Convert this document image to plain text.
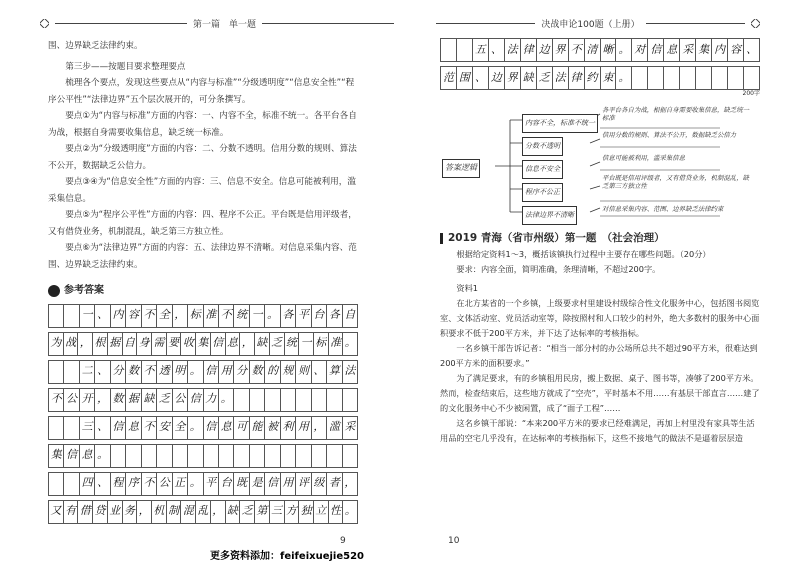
第一篇　单一题	决战申论100题（上册）

围、边界缺乏法律约束。

第三步——按题目要求整理要点

梳理各个要点，发现这些要点从“内容与标准”“分级透明度”“信息安全性”“程序公平性”“法律边界”五个层次展开的，可分条撰写。

要点①为“内容与标准”方面的内容：一、内容不全，标准不统一。各平台各自为战，根据自身需要收集信息，缺乏统一标准。

要点②为“分级透明度”方面的内容：二、分数不透明。信用分数的规则、算法不公开，数据缺乏公信力。

要点③④为“信息安全性”方面的内容：三、信息不安全。信息可能被利用，滥采集信息。

要点⑤为“程序公平性”方面的内容：四、程序不公正。平台既是信用评级者，又有借贷业务，机制混乱，缺乏第三方独立性。

要点⑥为“法律边界”方面的内容：五、法律边界不清晰。对信息采集内容、范围、边界缺乏法律约束。

参考答案
一 、 内 容 不 全 ， 标 准 不 统 一 。 各 平 台 各 自
为 战 ， 根 据 自 身 需 要 收 集 信 息 ， 缺 乏 统 一 标 准 。
二 、 分 数 不 透 明 。 信 用 分 数 的 规 则 、 算 法
不 公 开 ， 数 据 缺 乏 公 信 力 。
三 、 信 息 不 安 全 。 信 息 可 能 被 利 用 ， 滥 采
集 信 息 。
四 、 程 序 不 公 正 。 平 台 既 是 信 用 评 级 者 ，
又 有 借 贷 业 务 ， 机 制 混 乱 ， 缺 乏 第 三 方 独 立 性 。
9
五 、 法 律 边 界 不 清 晰 。 对 信 息 采 集 内 容 、
范 围 、 边 界 缺 乏 法 律 约 束 。
200字
答案逻辑
内容不全，标准不统一
分数不透明
信息不安全
程序不公正
法律边界不清晰
各平台各自为战，根据自身需要收集信息，缺乏统一标准
信用分数的规则、算法不公开，数据缺乏公信力
信息可能被利用，滥采集信息
平台既是信用评级者，又有借贷业务，机制混乱，缺乏第三方独立性
对信息采集内容、范围、边界缺乏法律约束
2019 青海（省市州级）第一题　（社会治理）

根据给定资料1～3，概括该镇执行过程中主要存在哪些问题。（20分）

要求：内容全面，简明准确，条理清晰，不超过200字。

资料1

在北方某省的一个乡镇，上级要求村里建设村级综合性文化服务中心，包括图书阅览室、文体活动室、党员活动室等，除按照村和人口较少的村外，绝大多数村的服务中心面积要求不低于200平方米，并下达了达标率的考核指标。

一名乡镇干部告诉记者：“相当一部分村的办公场所总共不超过90平方米，很难达到200平方米的面积要求。”

为了满足要求，有的乡镇租用民房，搬上数据、桌子、图书等，凑够了200平方米。然而，检查结束后，这些地方就成了“空壳”，平时基本不用……有基层干部直言……建了的文化服务中心不少被闲置，成了“面子工程”……

这名乡镇干部说：“本来200平方米的要求已经难满足，再加上村里没有家具等生活用品的空宅几乎没有，在达标率的考核指标下，这些不接地气的做法不是逼着层层造

10
更多资料添加：feifeixuejie520
